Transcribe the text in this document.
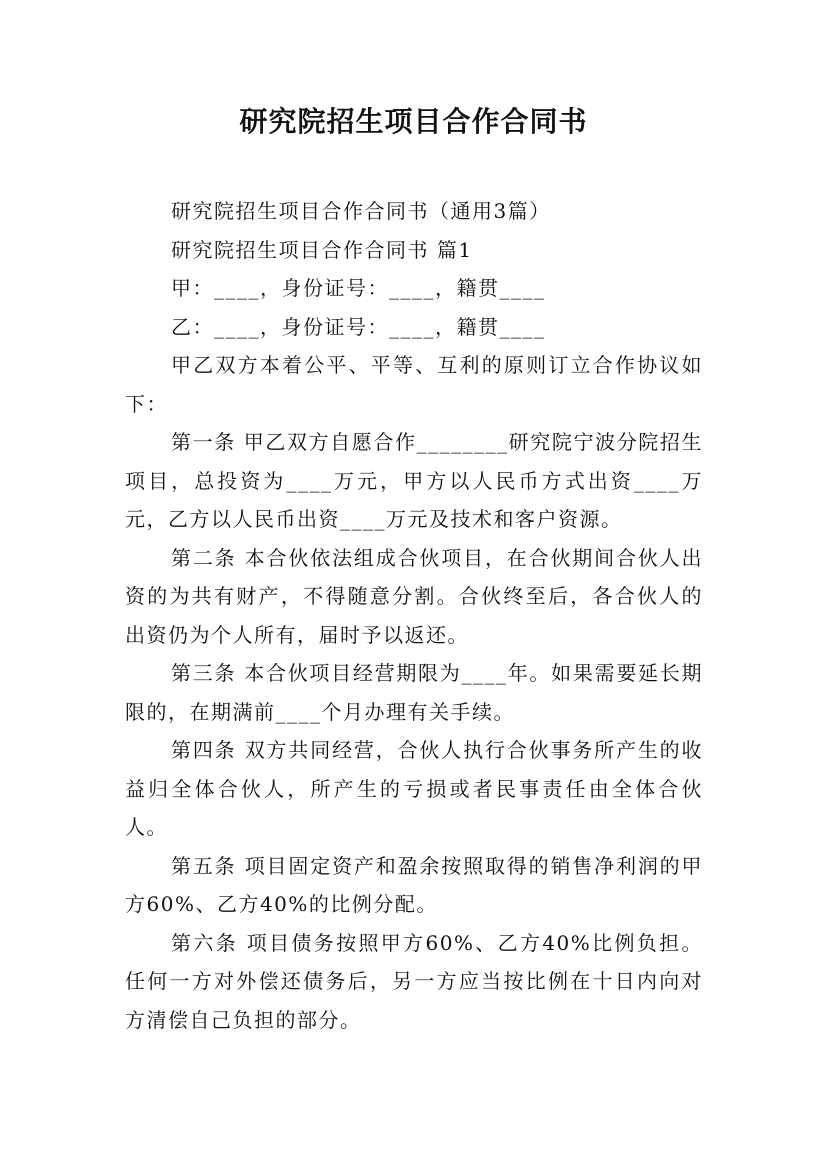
研究院招生项目合作合同书

研究院招生项目合作合同书（通用3篇）

研究院招生项目合作合同书 篇1

甲：____，身份证号：____，籍贯____

乙：____，身份证号：____，籍贯____

甲乙双方本着公平、平等、互利的原则订立合作协议如下：

第一条 甲乙双方自愿合作________研究院宁波分院招生项目，总投资为____万元，甲方以人民币方式出资____万元，乙方以人民币出资____万元及技术和客户资源。

第二条 本合伙依法组成合伙项目，在合伙期间合伙人出资的为共有财产，不得随意分割。合伙终至后，各合伙人的出资仍为个人所有，届时予以返还。

第三条 本合伙项目经营期限为____年。如果需要延长期限的，在期满前____个月办理有关手续。

第四条 双方共同经营，合伙人执行合伙事务所产生的收益归全体合伙人，所产生的亏损或者民事责任由全体合伙人。

第五条 项目固定资产和盈余按照取得的销售净利润的甲方60%、乙方40%的比例分配。

第六条 项目债务按照甲方60%、乙方40%比例负担。任何一方对外偿还债务后，另一方应当按比例在十日内向对方清偿自己负担的部分。
